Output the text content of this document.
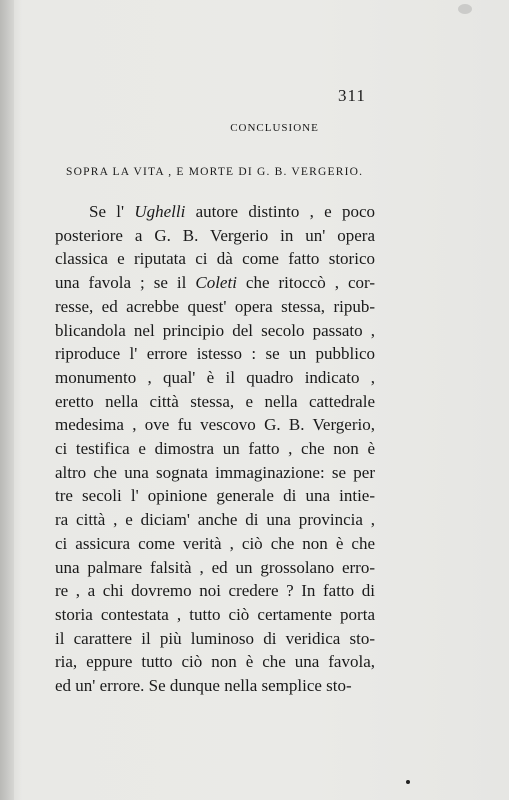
311
CONCLUSIONE
SOPRA LA VITA , E MORTE DI G. B. VERGERIO.
Se l' Ughelli autore distinto , e poco
posteriore a G. B. Vergerio in un' opera
classica e riputata ci dà come fatto storico
una favola ; se il Coleti che ritoccò , cor-
resse, ed acrebbe quest' opera stessa, ripub-
blicandola nel principio del secolo passato ,
riproduce l' errore istesso : se un pubblico
monumento , qual' è il quadro indicato ,
eretto nella città stessa, e nella cattedrale
medesima , ove fu vescovo G. B. Vergerio,
ci testifica e dimostra un fatto , che non è
altro che una sognata immaginazione: se per
tre secoli l' opinione generale di una intie-
ra città , e diciam' anche di una provincia ,
ci assicura come verità , ciò che non è che
una palmare falsità , ed un grossolano erro-
re , a chi dovremo noi credere ? In fatto di
storia contestata , tutto ciò certamente porta
il carattere il più luminoso di veridica sto-
ria, eppure tutto ciò non è che una favola,
ed un' errore. Se dunque nella semplice sto-
